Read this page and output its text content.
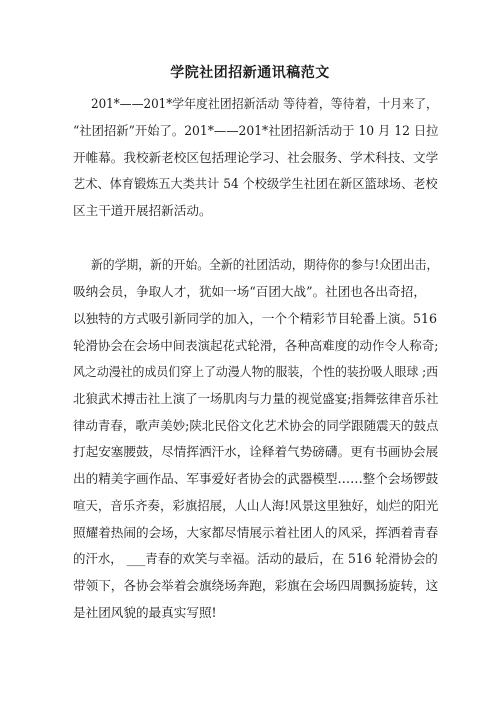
学院社团招新通讯稿范文
201*——201*学年度社团招新活动 等待着，等待着，十月来了，
“社团招新”开始了。201*——201*社团招新活动于 10 月 12 日拉
开帷幕。我校新老校区包括理论学习、社会服务、学术科技、文学
艺术、体育锻炼五大类共计 54 个校级学生社团在新区篮球场、老校
区主干道开展招新活动。
新的学期，新的开始。全新的社团活动，期待你的参与!众团出击，
吸纳会员，争取人才，犹如一场“百团大战”。社团也各出奇招，
以独特的方式吸引新同学的加入，一个个精彩节目轮番上演。516
轮滑协会在会场中间表演起花式轮滑，各种高难度的动作令人称奇;
风之动漫社的成员们穿上了动漫人物的服装，个性的装扮吸人眼球 ;西
北狼武术搏击社上演了一场肌肉与力量的视觉盛宴;指舞弦律音乐社
律动青春，歌声美妙;陕北民俗文化艺术协会的同学跟随震天的鼓点
打起安塞腰鼓，尽情挥洒汗水，诠释着气势磅礴。更有书画协会展
出的精美字画作品、军事爱好者协会的武器模型……整个会场锣鼓
喧天，音乐齐奏，彩旗招展，人山人海!风景这里独好，灿烂的阳光
照耀着热闹的会场，大家都尽情展示着社团人的风采，挥洒着青春
的汗水， ___青春的欢笑与幸福。活动的最后，在 516 轮滑协会的
带领下，各协会举着会旗绕场奔跑，彩旗在会场四周飘扬旋转，这
是社团风貌的最真实写照!
